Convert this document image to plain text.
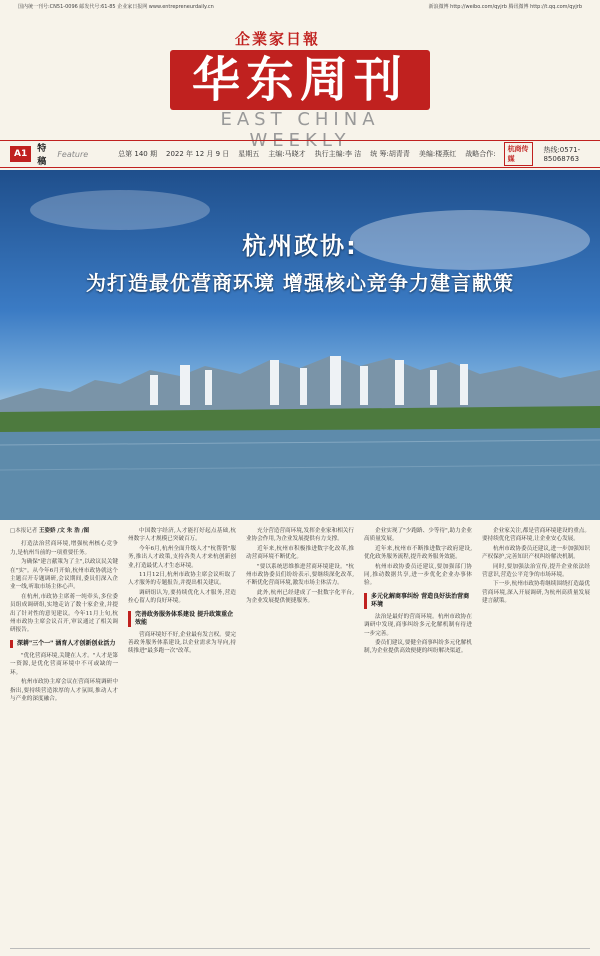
国内统一刊号:CN51-0096 邮发代号:61-85 企业家日报网 www.entrepreneurdaily.cn	新浪微博 http://weibo.com/qyjrb 腾讯微博 http://t.qq.com/qyjrb
企業家日報
华东周刊
EAST CHINA WEEKLY
A1	特稿
Feature	总第 140 期 2022 年 12 月 9 日 星期五 主编:马晓才 执行主编:李 洁 统 筹:胡青青 美编:楼燕红 战略合作:
杭商传媒
热线:0571-85068763
杭州政协:
为打造最优营商环境 增强核心竞争力建言献策
□本报记者 王姿娇 /文 朱 浩 /图

打造法治营商环境,增强杭州核心竞争力,是杭州当前的一项重要任务。

为确保"建言献策为了主",以政议民关键在"实"。从今年6月开始,杭州市政协就这个主题召开专题调研,会议期间,委员们深入企业一线,听取市场主体心声。

在杭州,市政协主席蒋一纯牵头,多位委员组成调研组,实地走访了数十家企业,并提出了针对性的意见建议。今年11月上旬,杭州市政协主席会议召开,审议通过了相关调研报告。

深耕"三个一" 涵育人才创新创业活力

"优化营商环境,关键在人才。"人才是第一资源,是优化营商环境中不可或缺的一环。

杭州市政协主席会议在营商环境调研中指出,要持续营造浓厚的人才氛围,推动人才与产业的深度融合。

中国数字经济,人才能打好起点基础,杭州数字人才规模已突破百万。

今年6月,杭州全面升级人才"杭帮帮"服务,推出人才政策,支持各类人才来杭创新创业,打造最优人才生态环境。

11月12日,杭州市政协主席会议听取了人才服务的专题报告,并提出相关建议。

调研组认为,要持续优化人才服务,营造拴心留人的良好环境。

完善政务服务体系建设 提升政策重企效能

营商环境好不好,企业最有发言权。要完善政务服务体系建设,以企业需求为导向,持续推进"最多跑一次"改革。

充分营造营商环境,发挥企业家和相关行业协会作用,为企业发展提供有力支撑。

近年来,杭州市积极推进数字化改革,推动营商环境不断优化。

"要以系统思维推进营商环境建设。"杭州市政协委员们纷纷表示,要继续深化改革,不断优化营商环境,激发市场主体活力。

此外,杭州已经建成了一批数字化平台,为企业发展提供便捷服务。

企业实现了"少跑路、少等待",助力企业高质量发展。

近年来,杭州市不断推进数字政府建设,优化政务服务流程,提升政务服务效能。

杭州市政协委员还建议,要加强部门协同,推动数据共享,进一步优化企业办事体验。

多元化解商事纠纷 营造良好法治营商环境

法治是最好的营商环境。杭州市政协在调研中发现,商事纠纷多元化解机制有待进一步完善。

委员们建议,要健全商事纠纷多元化解机制,为企业提供高效便捷的纠纷解决渠道。

企业家关注,都是营商环境建设的重点。要持续优化营商环境,让企业安心发展。

杭州市政协委员还建议,进一步加强知识产权保护,完善知识产权纠纷解决机制。

同时,要加强法治宣传,提升企业依法经营意识,营造公平竞争的市场环境。

下一步,杭州市政协将继续围绕打造最优营商环境,深入开展调研,为杭州高质量发展建言献策。
